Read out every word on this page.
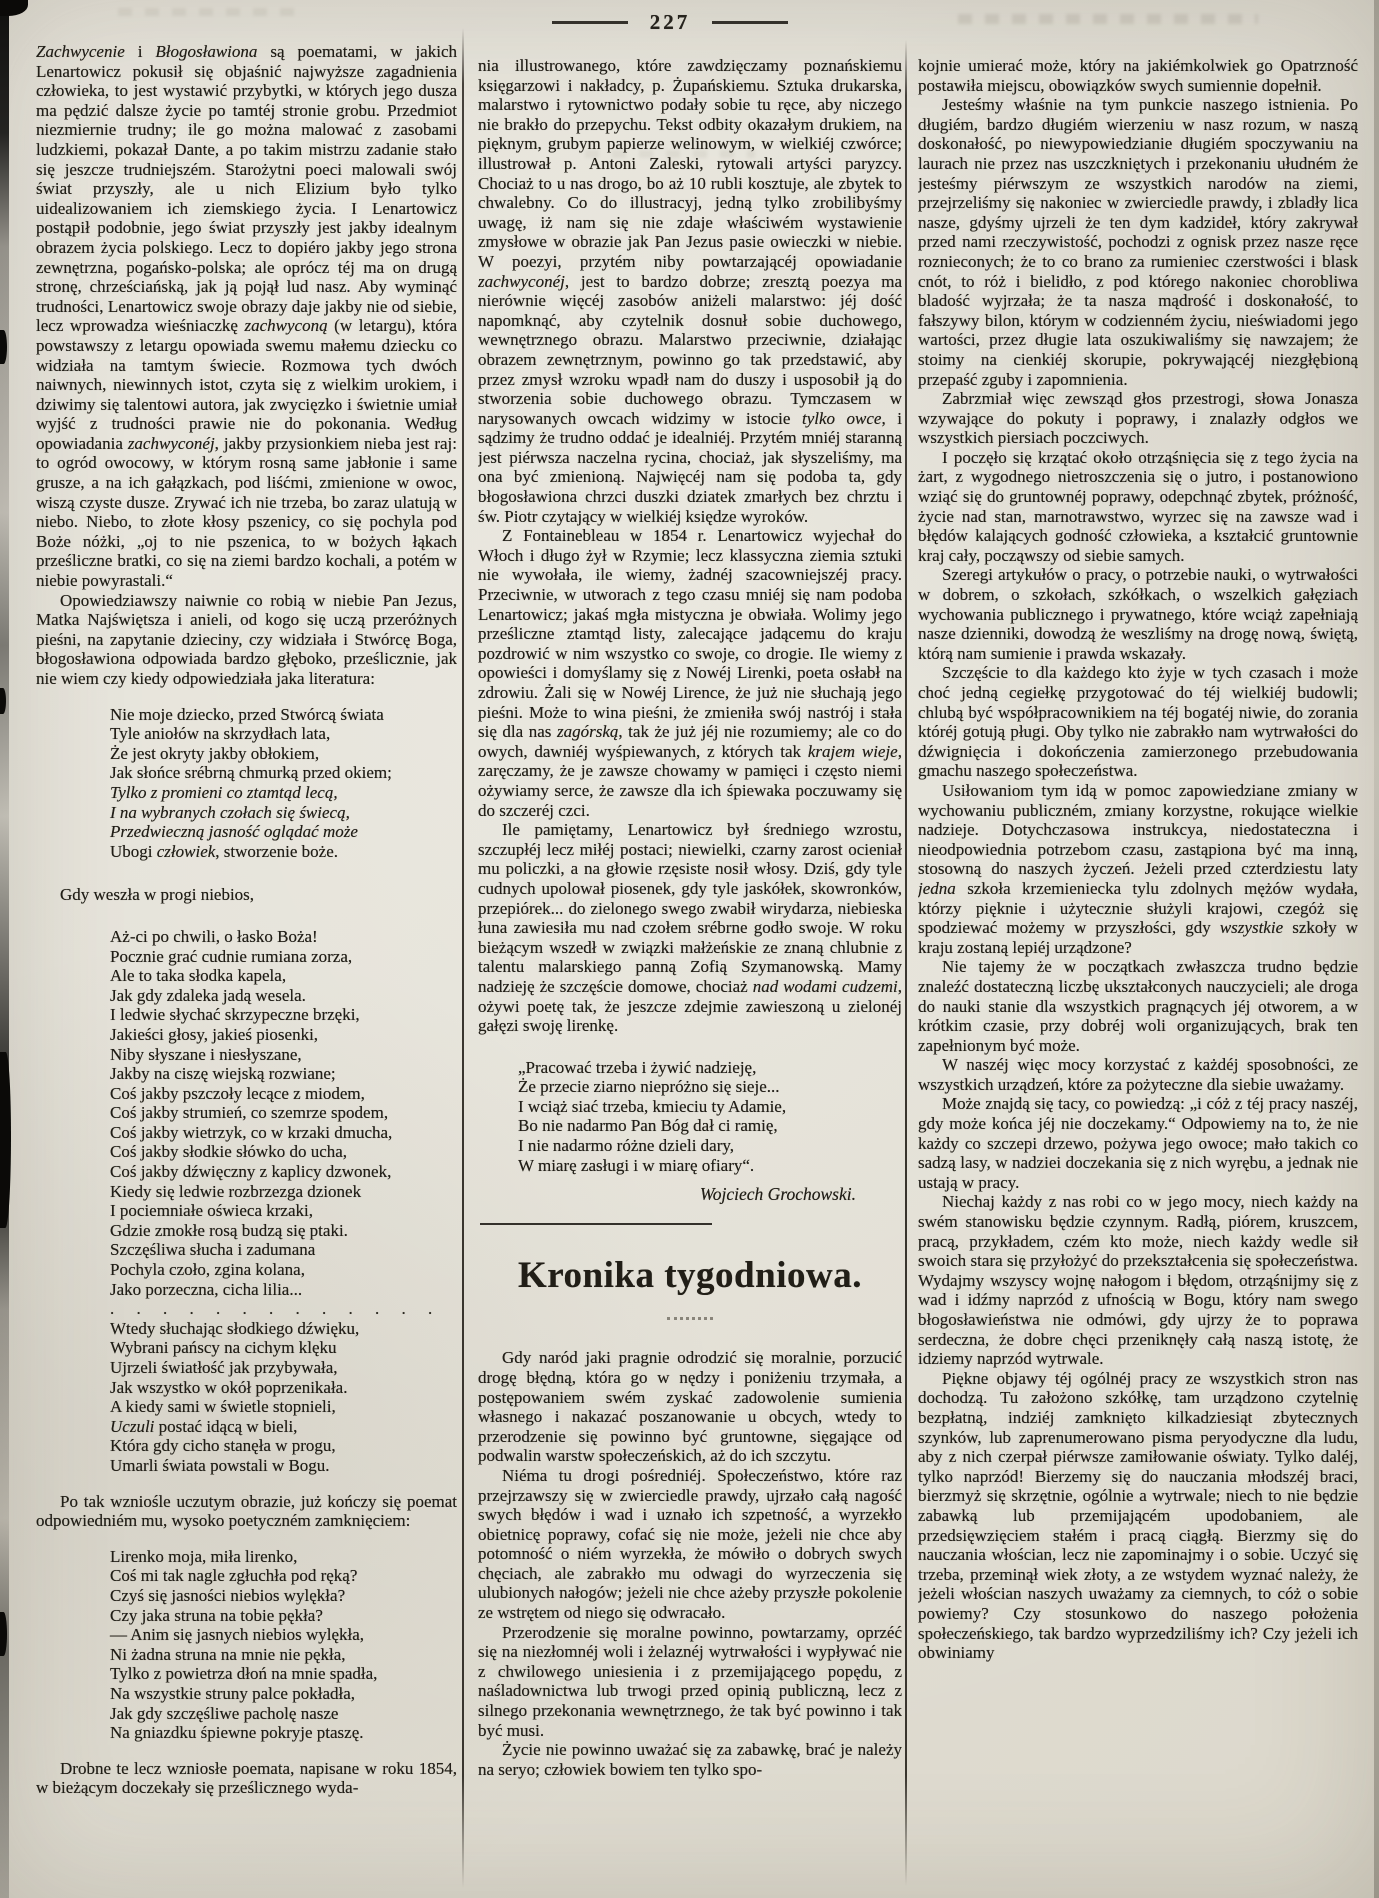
227

Zachwycenie i Błogosławiona są poematami, w jakich Lenartowicz pokusił się objaśnić najwyższe zagadnienia człowieka, to jest wystawić przybytki, w których jego dusza ma pędzić dalsze życie po tamtéj stronie grobu. Przedmiot niezmiernie trudny; ile go można malować z zasobami ludzkiemi, pokazał Dante, a po takim mistrzu zadanie stało się jeszcze trudniejszém. Starożytni poeci malowali swój świat przyszły, ale u nich Elizium było tylko uidealizowaniem ich ziemskiego życia. I Lenartowicz postąpił podobnie, jego świat przyszły jest jakby idealnym obrazem życia polskiego. Lecz to dopiéro jakby jego strona zewnętrzna, pogańsko-polska; ale oprócz téj ma on drugą stronę, chrześciańską, jak ją pojął lud nasz. Aby wyminąć trudności, Lenartowicz swoje obrazy daje jakby nie od siebie, lecz wprowadza wieśniaczkę zachwyconą (w letargu), która powstawszy z letargu opowiada swemu małemu dziecku co widziała na tamtym świecie. Rozmowa tych dwóch naiwnych, niewinnych istot, czyta się z wielkim urokiem, i dziwimy się talentowi autora, jak zwycięzko i świetnie umiał wyjść z trudności prawie nie do pokonania. Według opowiadania zachwyconéj, jakby przysionkiem nieba jest raj: to ogród owocowy, w którym rosną same jabłonie i same grusze, a na ich gałązkach, pod liśćmi, zmienione w owoc, wiszą czyste dusze. Zrywać ich nie trzeba, bo zaraz ulatują w niebo. Niebo, to złote kłosy pszenicy, co się pochyla pod Boże nóżki, „oj to nie pszenica, to w bożych łąkach prześliczne bratki, co się na ziemi bardzo kochali, a potém w niebie powyrastali.“

Opowiedziawszy naiwnie co robią w niebie Pan Jezus, Matka Najświętsza i anieli, od kogo się uczą przeróżnych pieśni, na zapytanie dzieciny, czy widziała i Stwórcę Boga, błogosławiona odpowiada bardzo głęboko, prześlicznie, jak nie wiem czy kiedy odpowiedziała jaka literatura:

Nie moje dziecko, przed Stwórcą świata
Tyle aniołów na skrzydłach lata,
Że jest okryty jakby obłokiem,
Jak słońce srébrną chmurką przed okiem;
Tylko z promieni co ztamtąd lecą,
I na wybranych czołach się świecą,
Przedwieczną jasność oglądać może
Ubogi człowiek, stworzenie boże.

Gdy weszła w progi niebios,

Aż-ci po chwili, o łasko Boża!
Pocznie grać cudnie rumiana zorza,
Ale to taka słodka kapela,
Jak gdy zdaleka jadą wesela.
I ledwie słychać skrzypeczne brzęki,
Jakieści głosy, jakieś piosenki,
Niby słyszane i niesłyszane,
Jakby na ciszę wiejską rozwiane;
Coś jakby pszczoły lecące z miodem,
Coś jakby strumień, co szemrze spodem,
Coś jakby wietrzyk, co w krzaki dmucha,
Coś jakby słodkie słówko do ucha,
Coś jakby dźwięczny z kaplicy dzwonek,
Kiedy się ledwie rozbrzezga dzionek
I pociemniałe oświeca krzaki,
Gdzie zmokłe rosą budzą się ptaki.
Szczęśliwa słucha i zadumana
Pochyla czoło, zgina kolana,
Jako porzeczna, cicha lilia...
. . . . . . . . . . . . .
Wtedy słuchając słodkiego dźwięku,
Wybrani pańscy na cichym klęku
Ujrzeli światłość jak przybywała,
Jak wszystko w okół poprzenikała.
A kiedy sami w świetle stopnieli,
Uczuli postać idącą w bieli,
Która gdy cicho stanęła w progu,
Umarli świata powstali w Bogu.

Po tak wzniośle uczutym obrazie, już kończy się poemat odpowiedniém mu, wysoko poetyczném zamknięciem:

Lirenko moja, miła lirenko,
Coś mi tak nagle zgłuchła pod ręką?
Czyś się jasności niebios wylękła?
Czy jaka struna na tobie pękła?
— Anim się jasnych niebios wylękła,
Ni żadna struna na mnie nie pękła,
Tylko z powietrza dłoń na mnie spadła,
Na wszystkie struny palce pokładła,
Jak gdy szczęśliwe pacholę nasze
Na gniazdku śpiewne pokryje ptaszę.

Drobne te lecz wzniosłe poemata, napisane w roku 1854, w bieżącym doczekały się prześlicznego wyda-

nia illustrowanego, które zawdzięczamy poznańskiemu księgarzowi i nakładcy, p. Żupańskiemu. Sztuka drukarska, malarstwo i rytownictwo podały sobie tu ręce, aby niczego nie brakło do przepychu. Tekst odbity okazałym drukiem, na pięknym, grubym papierze welinowym, w wielkiéj czwórce; illustrował p. Antoni Zaleski, rytowali artyści paryzcy. Chociaż to u nas drogo, bo aż 10 rubli kosztuje, ale zbytek to chwalebny. Co do illustracyj, jedną tylko zrobilibyśmy uwagę, iż nam się nie zdaje właściwém wystawienie zmysłowe w obrazie jak Pan Jezus pasie owieczki w niebie. W poezyi, przytém niby powtarzającéj opowiadanie zachwyconéj, jest to bardzo dobrze; zresztą poezya ma nierównie więcéj zasobów aniżeli malarstwo: jéj dość napomknąć, aby czytelnik dosnuł sobie duchowego, wewnętrznego obrazu. Malarstwo przeciwnie, działając obrazem zewnętrznym, powinno go tak przedstawić, aby przez zmysł wzroku wpadł nam do duszy i usposobił ją do stworzenia sobie duchowego obrazu. Tymczasem w narysowanych owcach widzimy w istocie tylko owce, i sądzimy że trudno oddać je idealniéj. Przytém mniéj staranną jest piérwsza naczelna rycina, chociaż, jak słyszeliśmy, ma ona być zmienioną. Najwięcéj nam się podoba ta, gdy błogosławiona chrzci duszki dziatek zmarłych bez chrztu i św. Piotr czytający w wielkiéj księdze wyroków.

Z Fontainebleau w 1854 r. Lenartowicz wyjechał do Włoch i długo żył w Rzymie; lecz klassyczna ziemia sztuki nie wywołała, ile wiemy, żadnéj szacowniejszéj pracy. Przeciwnie, w utworach z tego czasu mniéj się nam podoba Lenartowicz; jakaś mgła mistyczna je obwiała. Wolimy jego prześliczne ztamtąd listy, zalecające jadącemu do kraju pozdrowić w nim wszystko co swoje, co drogie. Ile wiemy z opowieści i domyślamy się z Nowéj Lirenki, poeta osłabł na zdrowiu. Żali się w Nowéj Lirence, że już nie słuchają jego pieśni. Może to wina pieśni, że zmieniła swój nastrój i stała się dla nas zagórską, tak że już jéj nie rozumiemy; ale co do owych, dawniéj wyśpiewanych, z których tak krajem wieje, zaręczamy, że je zawsze chowamy w pamięci i często niemi ożywiamy serce, że zawsze dla ich śpiewaka poczuwamy się do szczeréj czci.

Ile pamiętamy, Lenartowicz był średniego wzrostu, szczupłéj lecz miłéj postaci; niewielki, czarny zarost ocieniał mu policzki, a na głowie rzęsiste nosił włosy. Dziś, gdy tyle cudnych upolował piosenek, gdy tyle jaskółek, skowronków, przepiórek... do zielonego swego zwabił wirydarza, niebieska łuna zawiesiła mu nad czołem srébrne godło swoje. W roku bieżącym wszedł w związki małżeńskie ze znaną chlubnie z talentu malarskiego panną Zofią Szymanowską. Mamy nadzieję że szczęście domowe, chociaż nad wodami cudzemi, ożywi poetę tak, że jeszcze zdejmie zawieszoną u zielonéj gałęzi swoję lirenkę.

„Pracować trzeba i żywić nadzieję,
Że przecie ziarno niepróżno się sieje...
I wciąż siać trzeba, kmieciu ty Adamie,
Bo nie nadarmo Pan Bóg dał ci ramię,
I nie nadarmo różne dzieli dary,
W miarę zasługi i w miarę ofiary“.
Wojciech Grochowski.
Kronika tygodniowa.

Gdy naród jaki pragnie odrodzić się moralnie, porzucić drogę błędną, która go w nędzy i poniżeniu trzymała, a postępowaniem swém zyskać zadowolenie sumienia własnego i nakazać poszanowanie u obcych, wtedy to przerodzenie się powinno być gruntowne, sięgające od podwalin warstw społeczeńskich, aż do ich szczytu.

Niéma tu drogi pośredniéj. Społeczeństwo, które raz przejrzawszy się w zwierciedle prawdy, ujrzało całą nagość swych błędów i wad i uznało ich szpetność, a wyrzekło obietnicę poprawy, cofać się nie może, jeżeli nie chce aby potomność o niém wyrzekła, że mówiło o dobrych swych chęciach, ale zabrakło mu odwagi do wyrzeczenia się ulubionych nałogów; jeżeli nie chce ażeby przyszłe pokolenie ze wstrętem od niego się odwracało.

Przerodzenie się moralne powinno, powtarzamy, oprzéć się na niezłomnéj woli i żelaznéj wytrwałości i wypływać nie z chwilowego uniesienia i z przemijającego popędu, z naśladownictwa lub trwogi przed opinią publiczną, lecz z silnego przekonania wewnętrznego, że tak być powinno i tak być musi.

Życie nie powinno uważać się za zabawkę, brać je należy na seryo; człowiek bowiem ten tylko spo-

kojnie umierać może, który na jakiémkolwiek go Opatrzność postawiła miejscu, obowiązków swych sumiennie dopełnił.

Jesteśmy właśnie na tym punkcie naszego istnienia. Po długiém, bardzo długiém wierzeniu w nasz rozum, w naszą doskonałość, po niewypowiedzianie długiém spoczywaniu na laurach nie przez nas uszczkniętych i przekonaniu ułudném że jesteśmy piérwszym ze wszystkich narodów na ziemi, przejrzeliśmy się nakoniec w zwierciedle prawdy, i zbladły lica nasze, gdyśmy ujrzeli że ten dym kadzideł, który zakrywał przed nami rzeczywistość, pochodzi z ognisk przez nasze ręce roznieconych; że to co brano za rumieniec czerstwości i blask cnót, to róż i bielidło, z pod którego nakoniec chorobliwa bladość wyjrzała; że ta nasza mądrość i doskonałość, to fałszywy bilon, którym w codzienném życiu, nieświadomi jego wartości, przez długie lata oszukiwaliśmy się nawzajem; że stoimy na cienkiéj skorupie, pokrywającéj niezgłębioną przepaść zguby i zapomnienia.

Zabrzmiał więc zewsząd głos przestrogi, słowa Jonasza wzywające do pokuty i poprawy, i znalazły odgłos we wszystkich piersiach poczciwych.

I poczęło się krzątać około otrząśnięcia się z tego życia na żart, z wygodnego nietroszczenia się o jutro, i postanowiono wziąć się do gruntownéj poprawy, odepchnąć zbytek, próżność, życie nad stan, marnotrawstwo, wyrzec się na zawsze wad i błędów kalających godność człowieka, a kształcić gruntownie kraj cały, począwszy od siebie samych.

Szeregi artykułów o pracy, o potrzebie nauki, o wytrwałości w dobrem, o szkołach, szkółkach, o wszelkich gałęziach wychowania publicznego i prywatnego, które wciąż zapełniają nasze dzienniki, dowodzą że weszliśmy na drogę nową, świętą, którą nam sumienie i prawda wskazały.

Szczęście to dla każdego kto żyje w tych czasach i może choć jedną cegiełkę przygotować do téj wielkiéj budowli; chlubą być współpracownikiem na téj bogatéj niwie, do zorania któréj gotują pługi. Oby tylko nie zabrakło nam wytrwałości do dźwignięcia i dokończenia zamierzonego przebudowania gmachu naszego społeczeństwa.

Usiłowaniom tym idą w pomoc zapowiedziane zmiany w wychowaniu publiczném, zmiany korzystne, rokujące wielkie nadzieje. Dotychczasowa instrukcya, niedostateczna i nieodpowiednia potrzebom czasu, zastąpiona być ma inną, stosowną do naszych życzeń. Jeżeli przed czterdziestu laty jedna szkoła krzemieniecka tylu zdolnych mężów wydała, którzy pięknie i użytecznie służyli krajowi, czegóż się spodziewać możemy w przyszłości, gdy wszystkie szkoły w kraju zostaną lepiéj urządzone?

Nie tajemy że w początkach zwłaszcza trudno będzie znaleźć dostateczną liczbę ukształconych nauczycieli; ale droga do nauki stanie dla wszystkich pragnących jéj otworem, a w krótkim czasie, przy dobréj woli organizujących, brak ten zapełnionym być może.

W naszéj więc mocy korzystać z każdéj sposobności, ze wszystkich urządzeń, które za pożyteczne dla siebie uważamy.

Może znajdą się tacy, co powiedzą: „i cóż z téj pracy naszéj, gdy może końca jéj nie doczekamy.“ Odpowiemy na to, że nie każdy co szczepi drzewo, pożywa jego owoce; mało takich co sadzą lasy, w nadziei doczekania się z nich wyrębu, a jednak nie ustają w pracy.

Niechaj każdy z nas robi co w jego mocy, niech każdy na swém stanowisku będzie czynnym. Radłą, piórem, kruszcem, pracą, przykładem, czém kto może, niech każdy wedle sił swoich stara się przyłożyć do przekształcenia się społeczeństwa. Wydajmy wszyscy wojnę nałogom i błędom, otrząśnijmy się z wad i idźmy naprzód z ufnością w Bogu, który nam swego błogosławieństwa nie odmówi, gdy ujrzy że to poprawa serdeczna, że dobre chęci przeniknęły całą naszą istotę, że idziemy naprzód wytrwale.

Piękne objawy téj ogólnéj pracy ze wszystkich stron nas dochodzą. Tu założono szkółkę, tam urządzono czytelnię bezpłatną, indziéj zamknięto kilkadziesiąt zbytecznych szynków, lub zaprenumerowano pisma peryodyczne dla ludu, aby z nich czerpał piérwsze zamiłowanie oświaty. Tylko daléj, tylko naprzód! Bierzemy się do nauczania młodszéj braci, bierzmyż się skrzętnie, ogólnie a wytrwale; niech to nie będzie zabawką lub przemijającém upodobaniem, ale przedsięwzięciem stałém i pracą ciągłą. Bierzmy się do nauczania włościan, lecz nie zapominajmy i o sobie. Uczyć się trzeba, przeminął wiek złoty, a ze wstydem wyznać należy, że jeżeli włościan naszych uważamy za ciemnych, to cóż o sobie powiemy? Czy stosunkowo do naszego położenia społeczeńskiego, tak bardzo wyprzedziliśmy ich? Czy jeżeli ich obwiniamy
